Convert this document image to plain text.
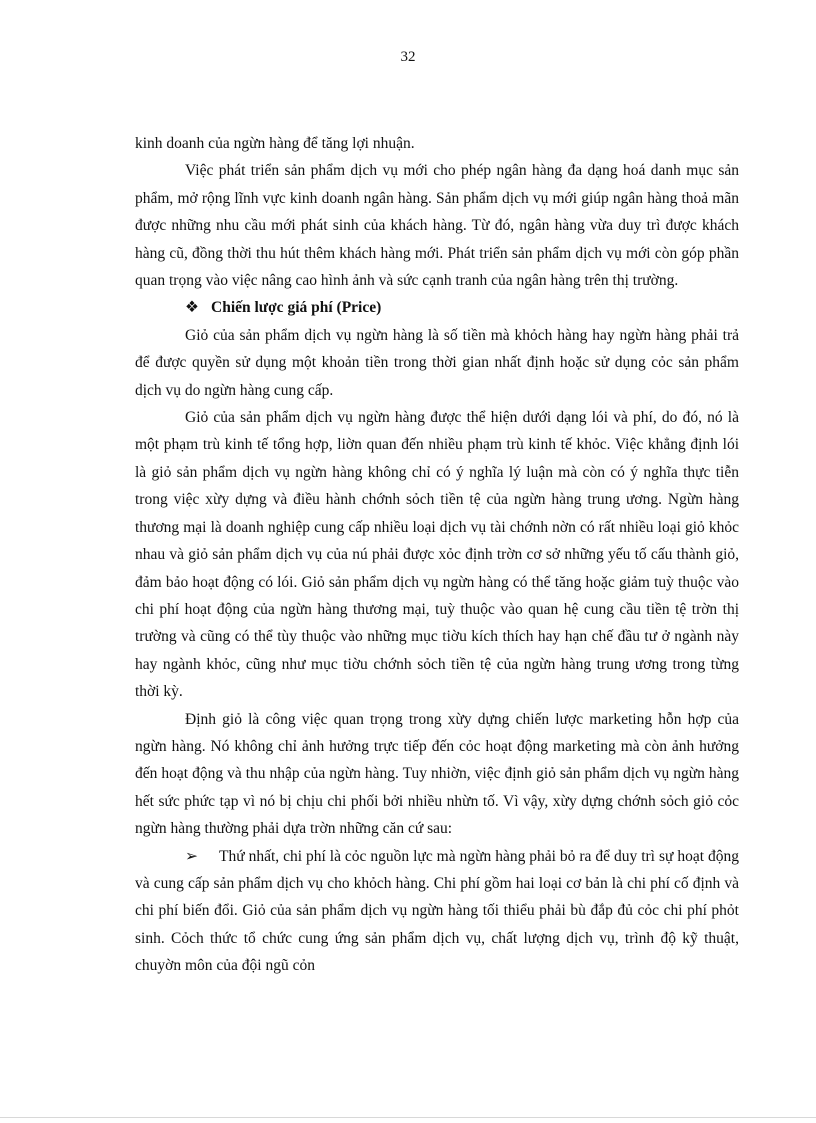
32

kinh doanh của ngừn hàng để tăng lợi nhuận.

Việc phát triển sản phẩm dịch vụ mới cho phép ngân hàng đa dạng hoá danh mục sản phẩm, mở rộng lĩnh vực kinh doanh ngân hàng. Sản phẩm dịch vụ mới giúp ngân hàng thoả mãn được những nhu cầu mới phát sinh của khách hàng. Từ đó, ngân hàng vừa duy trì được khách hàng cũ, đồng thời thu hút thêm khách hàng mới. Phát triển sản phẩm dịch vụ mới còn góp phần quan trọng vào việc nâng cao hình ảnh và sức cạnh tranh của ngân hàng trên thị trường.

❖ Chiến lược giá phí (Price)

Giỏ của sản phẩm dịch vụ ngừn hàng là số tiền mà khỏch hàng hay ngừn hàng phải trả để được quyền sử dụng một khoản tiền trong thời gian nhất định hoặc sử dụng cỏc sản phẩm dịch vụ do ngừn hàng cung cấp.

Giỏ của sản phẩm dịch vụ ngừn hàng được thể hiện dưới dạng lói và phí, do đó, nó là một phạm trù kinh tế tổng hợp, liờn quan đến nhiều phạm trù kinh tế khỏc. Việc khẳng định lói là giỏ sản phẩm dịch vụ ngừn hàng không chỉ có ý nghĩa lý luận mà còn có ý nghĩa thực tiễn trong việc xừy dựng và điều hành chớnh sỏch tiền tệ của ngừn hàng trung ương. Ngừn hàng thương mại là doanh nghiệp cung cấp nhiều loại dịch vụ tài chớnh nờn có rất nhiều loại giỏ khỏc nhau và giỏ sản phẩm dịch vụ của nú phải được xỏc định trờn cơ sở những yếu tố cấu thành giỏ, đảm bảo hoạt động có lói. Giỏ sản phẩm dịch vụ ngừn hàng có thể tăng hoặc giảm tuỳ thuộc vào chi phí hoạt động của ngừn hàng thương mại, tuỳ thuộc vào quan hệ cung cầu tiền tệ trờn thị trường và cũng có thể tùy thuộc vào những mục tiờu kích thích hay hạn chế đầu tư ở ngành này hay ngành khỏc, cũng như mục tiờu chớnh sỏch tiền tệ của ngừn hàng trung ương trong từng thời kỳ.

Định giỏ là công việc quan trọng trong xừy dựng chiến lược marketing hỗn hợp của ngừn hàng. Nó không chỉ ảnh hưởng trực tiếp đến cỏc hoạt động marketing mà còn ảnh hưởng đến hoạt động và thu nhập của ngừn hàng. Tuy nhiờn, việc định giỏ sản phẩm dịch vụ ngừn hàng hết sức phức tạp vì nó bị chịu chi phối bởi nhiều nhừn tố. Vì vậy, xừy dựng chớnh sỏch giỏ cỏc ngừn hàng thường phải dựa trờn những căn cứ sau:

➢ Thứ nhất, chi phí là cỏc nguồn lực mà ngừn hàng phải bỏ ra để duy trì sự hoạt động và cung cấp sản phẩm dịch vụ cho khỏch hàng. Chi phí gồm hai loại cơ bản là chi phí cố định và chi phí biến đổi. Giỏ của sản phẩm dịch vụ ngừn hàng tối thiểu phải bù đắp đủ cỏc chi phí phỏt sinh. Cỏch thức tổ chức cung ứng sản phẩm dịch vụ, chất lượng dịch vụ, trình độ kỹ thuật, chuyờn môn của đội ngũ cỏn
